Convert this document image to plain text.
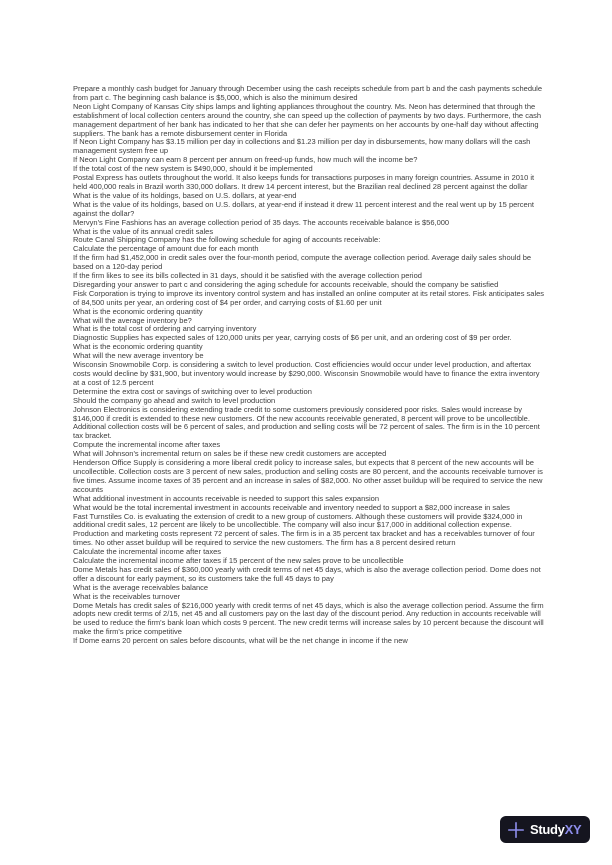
Prepare a monthly cash budget for January through December using the cash receipts schedule from part b and the cash payments schedule from part c. The beginning cash balance is $5,000, which is also the minimum desired

Neon Light Company of Kansas City ships lamps and lighting appliances throughout the country. Ms. Neon has determined that through the establishment of local collection centers around the country, she can speed up the collection of payments by two days. Furthermore, the cash management department of her bank has indicated to her that she can defer her payments on her accounts by one-half day without affecting suppliers. The bank has a remote disbursement center in Florida

If Neon Light Company has $3.15 million per day in collections and $1.23 million per day in disbursements, how many dollars will the cash management system free up

If Neon Light Company can earn 8 percent per annum on freed-up funds, how much will the income be?

If the total cost of the new system is $490,000, should it be implemented

Postal Express has outlets throughout the world. It also keeps funds for transactions purposes in many foreign countries. Assume in 2010 it held 400,000 reals in Brazil worth 330,000 dollars. It drew 14 percent interest, but the Brazilian real declined 28 percent against the dollar

What is the value of its holdings, based on U.S. dollars, at year-end

What is the value of its holdings, based on U.S. dollars, at year-end if instead it drew 11 percent interest and the real went up by 15 percent against the dollar?

Mervyn's Fine Fashions has an average collection period of 35 days. The accounts receivable balance is $56,000

What is the value of its annual credit sales

Route Canal Shipping Company has the following schedule for aging of accounts receivable:

Calculate the percentage of amount due for each month

If the firm had $1,452,000 in credit sales over the four-month period, compute the average collection period. Average daily sales should be based on a 120-day period

If the firm likes to see its bills collected in 31 days, should it be satisfied with the average collection period

Disregarding your answer to part c and considering the aging schedule for accounts receivable, should the company be satisfied

Fisk Corporation is trying to improve its inventory control system and has installed an online computer at its retail stores. Fisk anticipates sales of 84,500 units per year, an ordering cost of $4 per order, and carrying costs of $1.60 per unit

What is the economic ordering quantity

What will the average inventory be?

What is the total cost of ordering and carrying inventory

Diagnostic Supplies has expected sales of 120,000 units per year, carrying costs of $6 per unit, and an ordering cost of $9 per order.

What is the economic ordering quantity

What will the new average inventory be

Wisconsin Snowmobile Corp. is considering a switch to level production. Cost efficiencies would occur under level production, and aftertax costs would decline by $31,900, but inventory would increase by $290,000. Wisconsin Snowmobile would have to finance the extra inventory at a cost of 12.5 percent

Determine the extra cost or savings of switching over to level production

Should the company go ahead and switch to level production

Johnson Electronics is considering extending trade credit to some customers previously considered poor risks. Sales would increase by $146,000 if credit is extended to these new customers. Of the new accounts receivable generated, 8 percent will prove to be uncollectible. Additional collection costs will be 6 percent of sales, and production and selling costs will be 72 percent of sales. The firm is in the 10 percent tax bracket.

Compute the incremental income after taxes

What will Johnson's incremental return on sales be if these new credit customers are accepted

Henderson Office Supply is considering a more liberal credit policy to increase sales, but expects that 8 percent of the new accounts will be uncollectible. Collection costs are 3 percent of new sales, production and selling costs are 80 percent, and the accounts receivable turnover is five times. Assume income taxes of 35 percent and an increase in sales of $82,000. No other asset buildup will be required to service the new accounts

What additional investment in accounts receivable is needed to support this sales expansion

What would be the total incremental investment in accounts receivable and inventory needed to support a $82,000 increase in sales

Fast Turnstiles Co. is evaluating the extension of credit to a new group of customers. Although these customers will provide $324,000 in additional credit sales, 12 percent are likely to be uncollectible. The company will also incur $17,000 in additional collection expense. Production and marketing costs represent 72 percent of sales. The firm is in a 35 percent tax bracket and has a receivables turnover of four times. No other asset buildup will be required to service the new customers. The firm has a 8 percent desired return

Calculate the incremental income after taxes

Calculate the incremental income after taxes if 15 percent of the new sales prove to be uncollectible

Dome Metals has credit sales of $360,000 yearly with credit terms of net 45 days, which is also the average collection period. Dome does not offer a discount for early payment, so its customers take the full 45 days to pay

What is the average receivables balance

What is the receivables turnover

Dome Metals has credit sales of $216,000 yearly with credit terms of net 45 days, which is also the average collection period. Assume the firm adopts new credit terms of 2/15, net 45 and all customers pay on the last day of the discount period. Any reduction in accounts receivable will be used to reduce the firm's bank loan which costs 9 percent. The new credit terms will increase sales by 10 percent because the discount will make the firm's price competitive

If Dome earns 20 percent on sales before discounts, what will be the net change in income if the new

StudyXY
